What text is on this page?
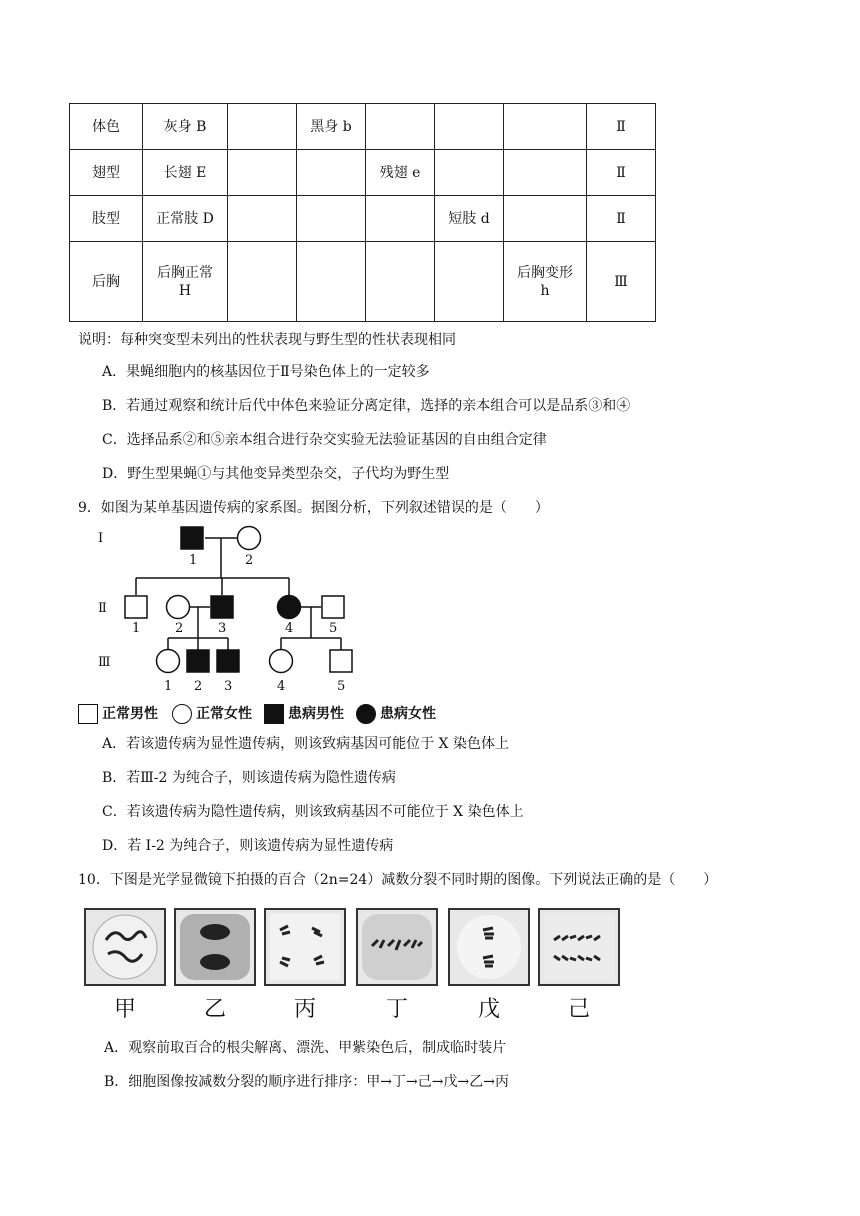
体色	灰身 B		黑身 b				Ⅱ
翅型	长翅 E			残翅 e			Ⅱ
肢型	正常肢 D				短肢 d		Ⅱ
后胸	后胸正常 H					后胸变形 h	Ⅲ
说明：每种突变型未列出的性状表现与野生型的性状表现相同
A．果蝇细胞内的核基因位于Ⅱ号染色体上的一定较多
B．若通过观察和统计后代中体色来验证分离定律，选择的亲本组合可以是品系③和④
C．选择品系②和⑤亲本组合进行杂交实验无法验证基因的自由组合定律
D．野生型果蝇①与其他变异类型杂交，子代均为野生型
9．如图为某单基因遗传病的家系图。据图分析，下列叙述错误的是（　　）
Ⅰ
Ⅱ
Ⅲ
1	2
1	2	3	4	5
1 2 3	4	5
正常男性	正常女性	患病男性	患病女性
A．若该遗传病为显性遗传病，则该致病基因可能位于 X 染色体上
B．若Ⅲ-2 为纯合子，则该遗传病为隐性遗传病
C．若该遗传病为隐性遗传病，则该致病基因不可能位于 X 染色体上
D．若 I-2 为纯合子，则该遗传病为显性遗传病
10．下图是光学显微镜下拍摄的百合（2n=24）减数分裂不同时期的图像。下列说法正确的是（　　）
甲	乙	丙	丁	戊	己
A．观察前取百合的根尖解离、漂洗、甲紫染色后，制成临时装片
B．细胞图像按减数分裂的顺序进行排序：甲→丁→己→戊→乙→丙
